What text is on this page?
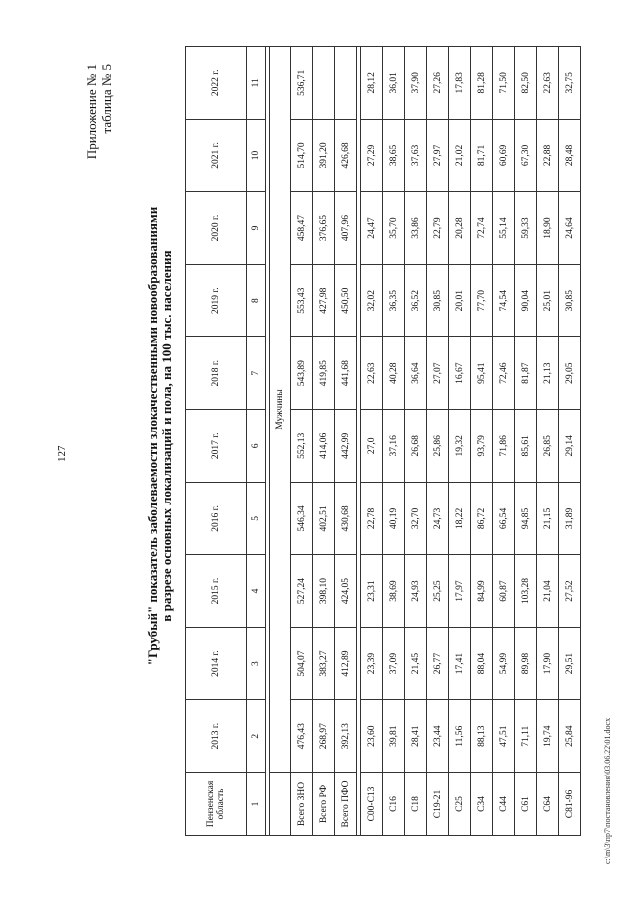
127
Приложение № 1 таблица № 5
"Грубый" показатель заболеваемости злокачественными новообразованиями в разрезе основных локализаций и пола, на 100 тыс. населения
Пензенская область	2013 г.	2014 г.	2015 г.	2016 г.	2017 г.	2018 г.	2019 г.	2020 г.	2021 г.	2022 г.
1	2	3	4	5	6	7	8	9	10	11

	Мужчины									
Всего ЗНО	476,43	504,07	527,24	546,34	552,13	543,89	553,43	458,47	514,70	536,71
Всего РФ	268,97	383,27	398,10	402,51	414,06	419,85	427,98	376,65	391,20	
Всего ПФО	392,13	412,89	424,05	430,68	442,99	441,68	450,50	407,96	426,68	

С00-С13	23,60	23,39	23,31	22,78	27,0	22,63	32,02	24,47	27,29	28,12
С16	39,81	37,09	38,69	40,19	37,16	40,28	36,35	35,70	38,65	36,01
С18	28,41	21,45	24,93	32,70	26,68	36,64	36,52	33,86	37,63	37,90
С19-21	23,44	26,77	25,25	24,73	25,86	27,07	30,85	22,79	27,97	27,26
С25	11,56	17,41	17,97	18,22	19,32	16,67	20,01	20,28	21,02	17,83
С34	88,13	88,04	84,99	86,72	93,79	95,41	77,70	72,74	81,71	81,28
С44	47,51	54,99	60,87	66,54	71,86	72,46	74,54	55,14	60,69	71,50
С61	71,11	89,98	103,28	94,85	85,61	81,87	90,04	59,33	67,30	82,50
С64	19,74	17,90	21,04	21,15	26,85	21,13	25,01	18,90	22,88	22,63
С81-96	25,84	29,51	27,52	31,89	29,14	29,05	30,85	24,64	28,48	32,75
c:\m\3\пр7\постановления\03.06.22\01.docx
